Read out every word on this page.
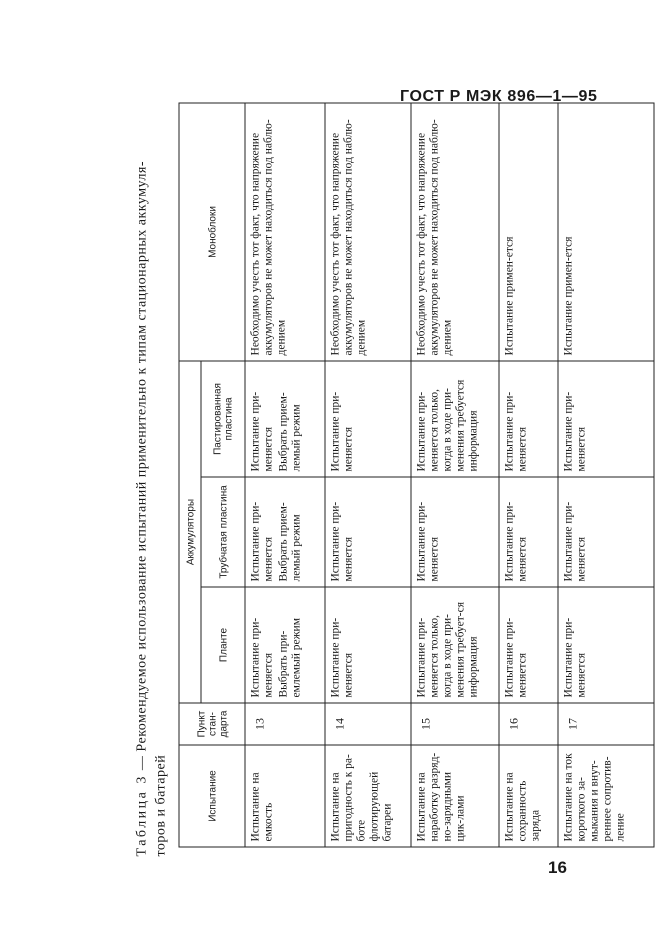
ГОСТ Р МЭК 896—1—95
Таблица 3 — Рекомендуемое использование испытаний применительно к типам стационарных аккумуля-
торов и батарей	Испытание	Пункт стан-дарта	Аккумуляторы			Моноблоки
		Планте	Трубчатая пластина	Пастированная пластина	
Испытание на емкость	13	Испытание при-меняется Выбрать при-емлемый режим	Испытание при-меняется Выбрать прием-лемый режим	Испытание при-меняется Выбрать прием-лемый режим	Необходимо учесть тот факт, что напряжение аккумуляторов не может находиться под наблю-дением
Испытание на пригодность к ра-боте флотирующей батареи	14	Испытание при-меняется	Испытание при-меняется	Испытание при-меняется	Необходимо учесть тот факт, что напряжение аккумуляторов не может находиться под наблю-дением
Испытание на наработку разряд-но-зарядными цик-лами	15	Испытание при-меняется только, когда в ходе при-менения требует-ся информация	Испытание при-меняется	Испытание при-меняется только, когда в ходе при-менения требуется информация	Необходимо учесть тот факт, что напряжение аккумуляторов не может находиться под наблю-дением
Испытание на сохранность заряда	16	Испытание при-меняется	Испытание при-меняется	Испытание при-меняется	Испытание примен-ется
Испытание на ток короткого за-мыкания и внут-реннее сопротив-ление	17	Испытание при-меняется	Испытание при-меняется	Испытание при-меняется	Испытание примен-ется
16
